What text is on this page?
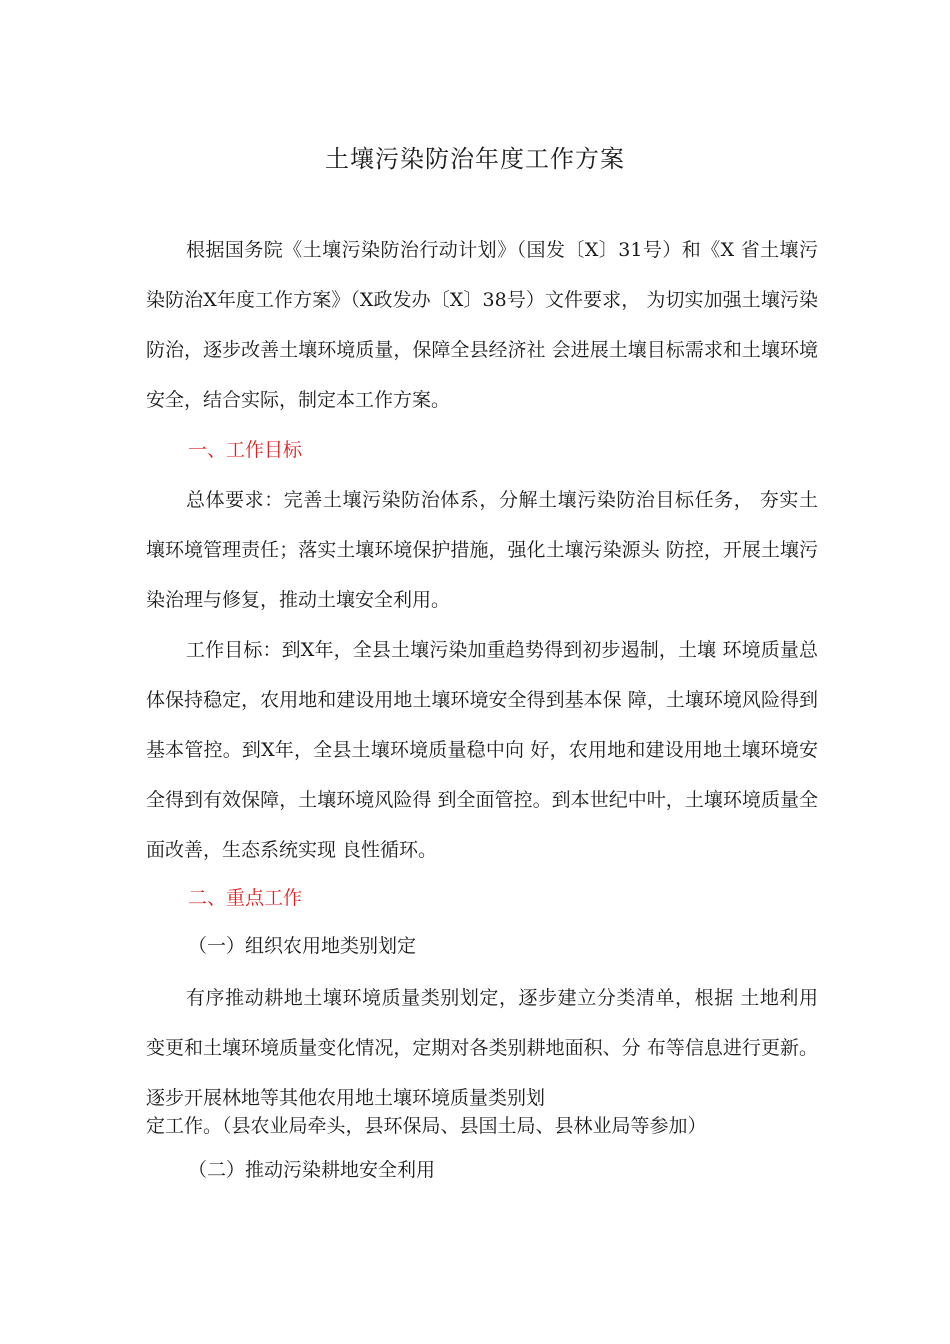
土壤污染防治年度工作方案

根据国务院《土壤污染防治行动计划》（国发〔X〕31号）和《X 省土壤污染防治X年度工作方案》（X政发办〔X〕38号）文件要求， 为切实加强土壤污染防治，逐步改善土壤环境质量，保障全县经济社 会进展土壤目标需求和土壤环境安全，结合实际，制定本工作方案。

一、工作目标

总体要求：完善土壤污染防治体系，分解土壤污染防治目标任务， 夯实土壤环境管理责任；落实土壤环境保护措施，强化土壤污染源头 防控，开展土壤污染治理与修复，推动土壤安全利用。

工作目标：到X年，全县土壤污染加重趋势得到初步遏制，土壤 环境质量总体保持稳定，农用地和建设用地土壤环境安全得到基本保 障，土壤环境风险得到基本管控。到X年，全县土壤环境质量稳中向 好，农用地和建设用地土壤环境安全得到有效保障，土壤环境风险得 到全面管控。到本世纪中叶，土壤环境质量全面改善，生态系统实现 良性循环。

二、重点工作

（一）组织农用地类别划定

有序推动耕地土壤环境质量类别划定，逐步建立分类清单，根据 土地利用变更和土壤环境质量变化情况，定期对各类别耕地面积、分 布等信息进行更新。逐步开展林地等其他农用地土壤环境质量类别划

定工作。（县农业局牵头，县环保局、县国土局、县林业局等参加）

（二）推动污染耕地安全利用
